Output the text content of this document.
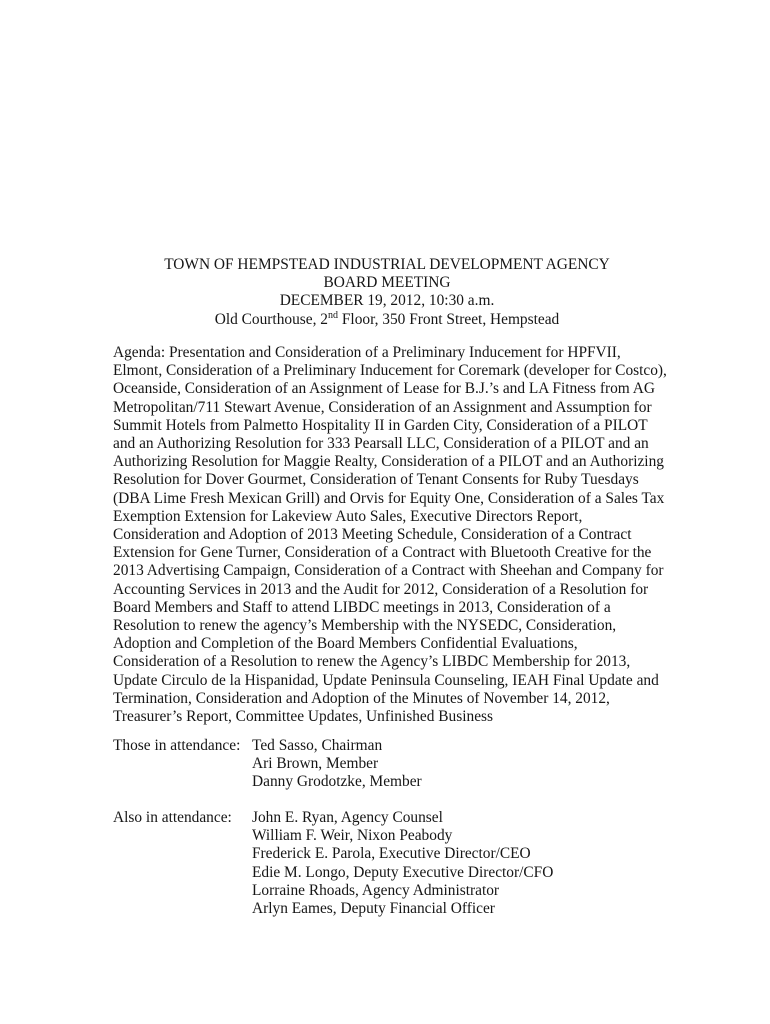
TOWN OF HEMPSTEAD INDUSTRIAL DEVELOPMENT AGENCY
BOARD MEETING
DECEMBER 19, 2012, 10:30 a.m.
Old Courthouse, 2nd Floor, 350 Front Street, Hempstead
Agenda: Presentation and Consideration of a Preliminary Inducement for HPFVII,
Elmont, Consideration of a Preliminary Inducement for Coremark (developer for Costco),
Oceanside, Consideration of an Assignment of Lease for B.J.’s and LA Fitness from AG
Metropolitan/711 Stewart Avenue, Consideration of an Assignment and Assumption for
Summit Hotels from Palmetto Hospitality II in Garden City, Consideration of a PILOT
and an Authorizing Resolution for 333 Pearsall LLC, Consideration of a PILOT and an
Authorizing Resolution for Maggie Realty, Consideration of a PILOT and an Authorizing
Resolution for Dover Gourmet, Consideration of Tenant Consents for Ruby Tuesdays
(DBA Lime Fresh Mexican Grill) and Orvis for Equity One, Consideration of a Sales Tax
Exemption Extension for Lakeview Auto Sales, Executive Directors Report,
Consideration and Adoption of 2013 Meeting Schedule, Consideration of a Contract
Extension for Gene Turner, Consideration of a Contract with Bluetooth Creative for the
2013 Advertising Campaign, Consideration of a Contract with Sheehan and Company for
Accounting Services in 2013 and the Audit for 2012, Consideration of a Resolution for
Board Members and Staff to attend LIBDC meetings in 2013, Consideration of a
Resolution to renew the agency’s Membership with the NYSEDC, Consideration,
Adoption and Completion of the Board Members Confidential Evaluations,
Consideration of a Resolution to renew the Agency’s LIBDC Membership for 2013,
Update Circulo de la Hispanidad, Update Peninsula Counseling, IEAH Final Update and
Termination, Consideration and Adoption of the Minutes of November 14, 2012,
Treasurer’s Report, Committee Updates, Unfinished Business
Those in attendance: Ted Sasso, Chairman
Ari Brown, Member
Danny Grodotzke, Member
Also in attendance:	John E. Ryan, Agency Counsel
William F. Weir, Nixon Peabody
Frederick E. Parola, Executive Director/CEO
Edie M. Longo, Deputy Executive Director/CFO
Lorraine Rhoads, Agency Administrator
Arlyn Eames, Deputy Financial Officer
